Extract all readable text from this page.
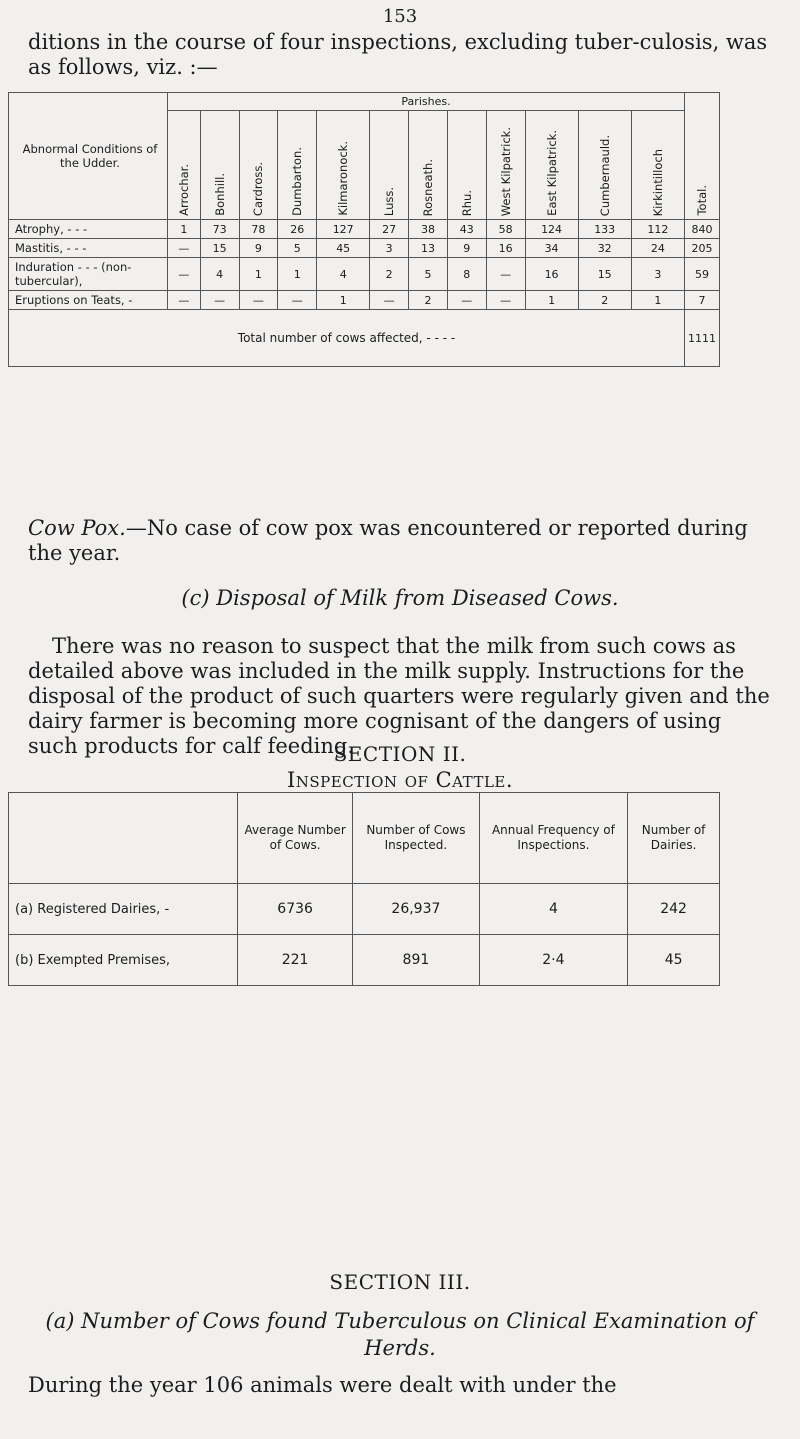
153

ditions in the course of four inspections, excluding tuber-culosis, was as follows, viz. :—

Abnormal Conditions of the Udder.	Parishes.												Total.
	Arrochar.	Bonhill.	Cardross.	Dumbarton.	Kilmaronock.	Luss.	Rosneath.	Rhu.	West Kilpatrick.	East Kilpatrick.	Cumbernauld.	Kirkintilloch	
Atrophy, - - -	1	73	78	26	127	27	38	43	58	124	133	112	840
Mastitis, - - -	—	15	9	5	45	3	13	9	16	34	32	24	205
Induration - - - (non-tubercular),	—	4	1	1	4	2	5	8	—	16	15	3	59
Eruptions on Teats, -	—	—	—	—	1	—	2	—	—	1	2	1	7
Total number of cows affected, - - - -													1111

Cow Pox.—No case of cow pox was encountered or reported during the year.

(c) Disposal of Milk from Diseased Cows.

There was no reason to suspect that the milk from such cows as detailed above was included in the milk supply. Instructions for the disposal of the product of such quarters were regularly given and the dairy farmer is becoming more cognisant of the dangers of using such products for calf feeding.

SECTION II.
Inspection of Cattle.
	Average Number of Cows.	Number of Cows Inspected.	Annual Frequency of Inspections.	Number of Dairies.
(a) Registered Dairies, -	6736	26,937	4	242
(b) Exempted Premises,	221	891	2·4	45
SECTION III.
(a) Number of Cows found Tuberculous on Clinical Examination of Herds.

During the year 106 animals were dealt with under the
